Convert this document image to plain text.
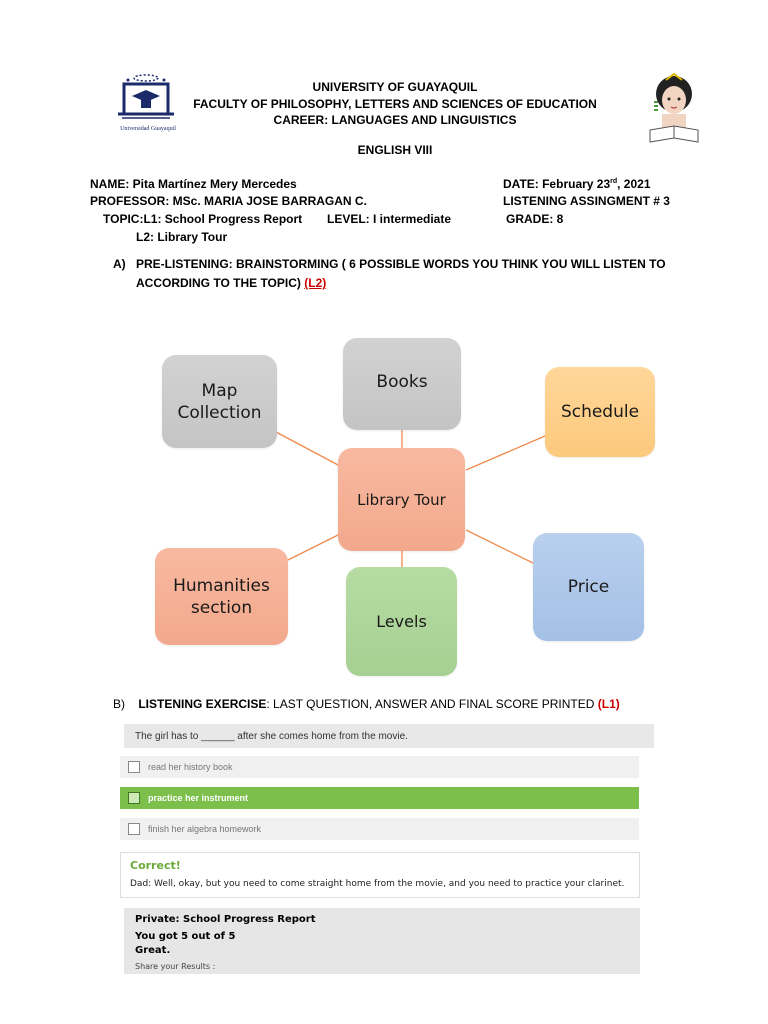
Universidad Guayaquil
UNIVERSITY OF GUAYAQUIL
FACULTY OF PHILOSOPHY, LETTERS AND SCIENCES OF EDUCATION
CAREER: LANGUAGES AND LINGUISTICS
ENGLISH VIII
NAME: Pita Martínez Mery Mercedes	DATE: February 23rd, 2021
PROFESSOR: MSc. MARIA JOSE BARRAGAN C.	LISTENING ASSINGMENT # 3
TOPIC:L1: School Progress Report LEVEL: I intermediate	GRADE: 8
L2: Library Tour
A) PRE-LISTENING: BRAINSTORMING ( 6 POSSIBLE WORDS YOU THINK YOU WILL LISTEN TO
ACCORDING TO THE TOPIC) (L2)
Map
Collection
Books
Schedule
Library Tour
Humanities
section
Levels
Price
B) LISTENING EXERCISE: LAST QUESTION, ANSWER AND FINAL SCORE PRINTED (L1)
The girl has to ______ after she comes home from the movie.
read her history book
practice her instrument
finish her algebra homework
Correct!
Dad: Well, okay, but you need to come straight home from the movie, and you need to practice your clarinet.
Private: School Progress Report
You got 5 out of 5
Great.
Share your Results :
